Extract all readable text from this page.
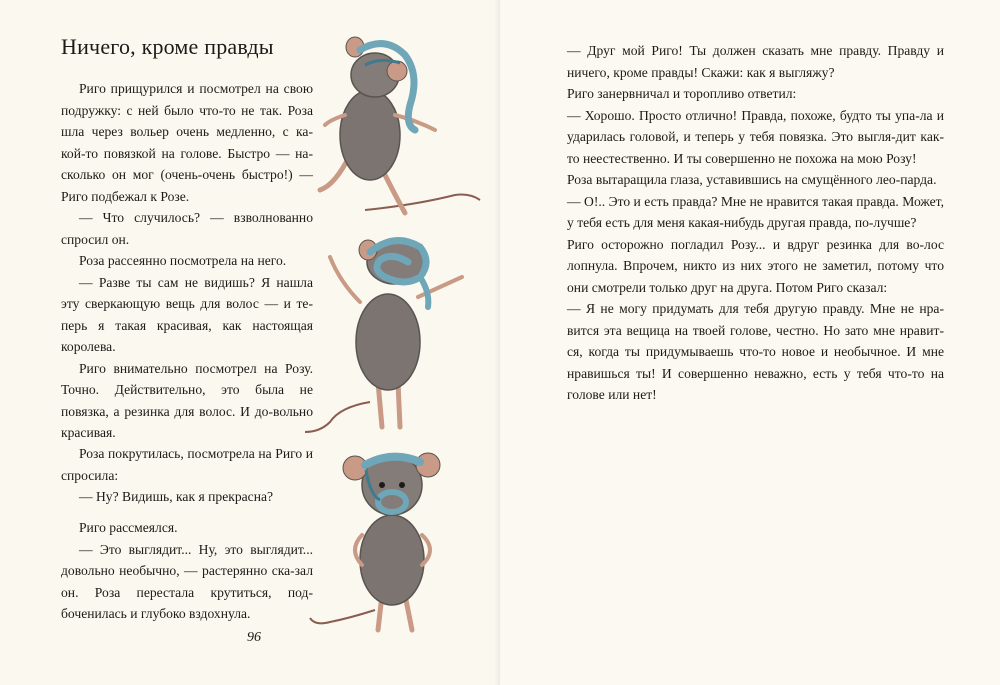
Ничего, кроме правды

Риго прищурился и посмотрел на свою подружку: с ней было что-то не так. Роза шла через вольер очень медленно, с ка-кой-то повязкой на голове. Быстро — на-сколько он мог (очень-очень быстро!) — Риго подбежал к Розе.

— Что случилось? — взволнованно спросил он.

Роза рассеянно посмотрела на него.

— Разве ты сам не видишь? Я нашла эту сверкающую вещь для волос — и те-перь я такая красивая, как настоящая королева.

Риго внимательно посмотрел на Розу. Точно. Действительно, это была не повязка, а резинка для волос. И до-вольно красивая.

Роза покрутилась, посмотрела на Риго и спросила:

— Ну? Видишь, как я прекрасна?

Риго рассмеялся.

— Это выглядит... Ну, это выглядит... довольно необычно, — растерянно ска-зал он. Роза перестала крутиться, под-боченилась и глубоко вздохнула.

96

— Друг мой Риго! Ты должен сказать мне правду. Правду и ничего, кроме правды! Скажи: как я выгляжу?

Риго занервничал и торопливо ответил:

— Хорошо. Просто отлично! Правда, похоже, будто ты упа-ла и ударилась головой, и теперь у тебя повязка. Это выгля-дит как-то неестественно. И ты совершенно не похожа на мою Розу!

Роза вытаращила глаза, уставившись на смущённого лео-парда.

— О!.. Это и есть правда? Мне не нравится такая правда. Может, у тебя есть для меня какая-нибудь другая правда, по-лучше?

Риго осторожно погладил Розу... и вдруг резинка для во-лос лопнула. Впрочем, никто из них этого не заметил, потому что они смотрели только друг на друга. Потом Риго сказал:

— Я не могу придумать для тебя другую правду. Мне не нра-вится эта вещица на твоей голове, честно. Но зато мне нравит-ся, когда ты придумываешь что-то новое и необычное. И мне нравишься ты! И совершенно неважно, есть у тебя что-то на голове или нет!
